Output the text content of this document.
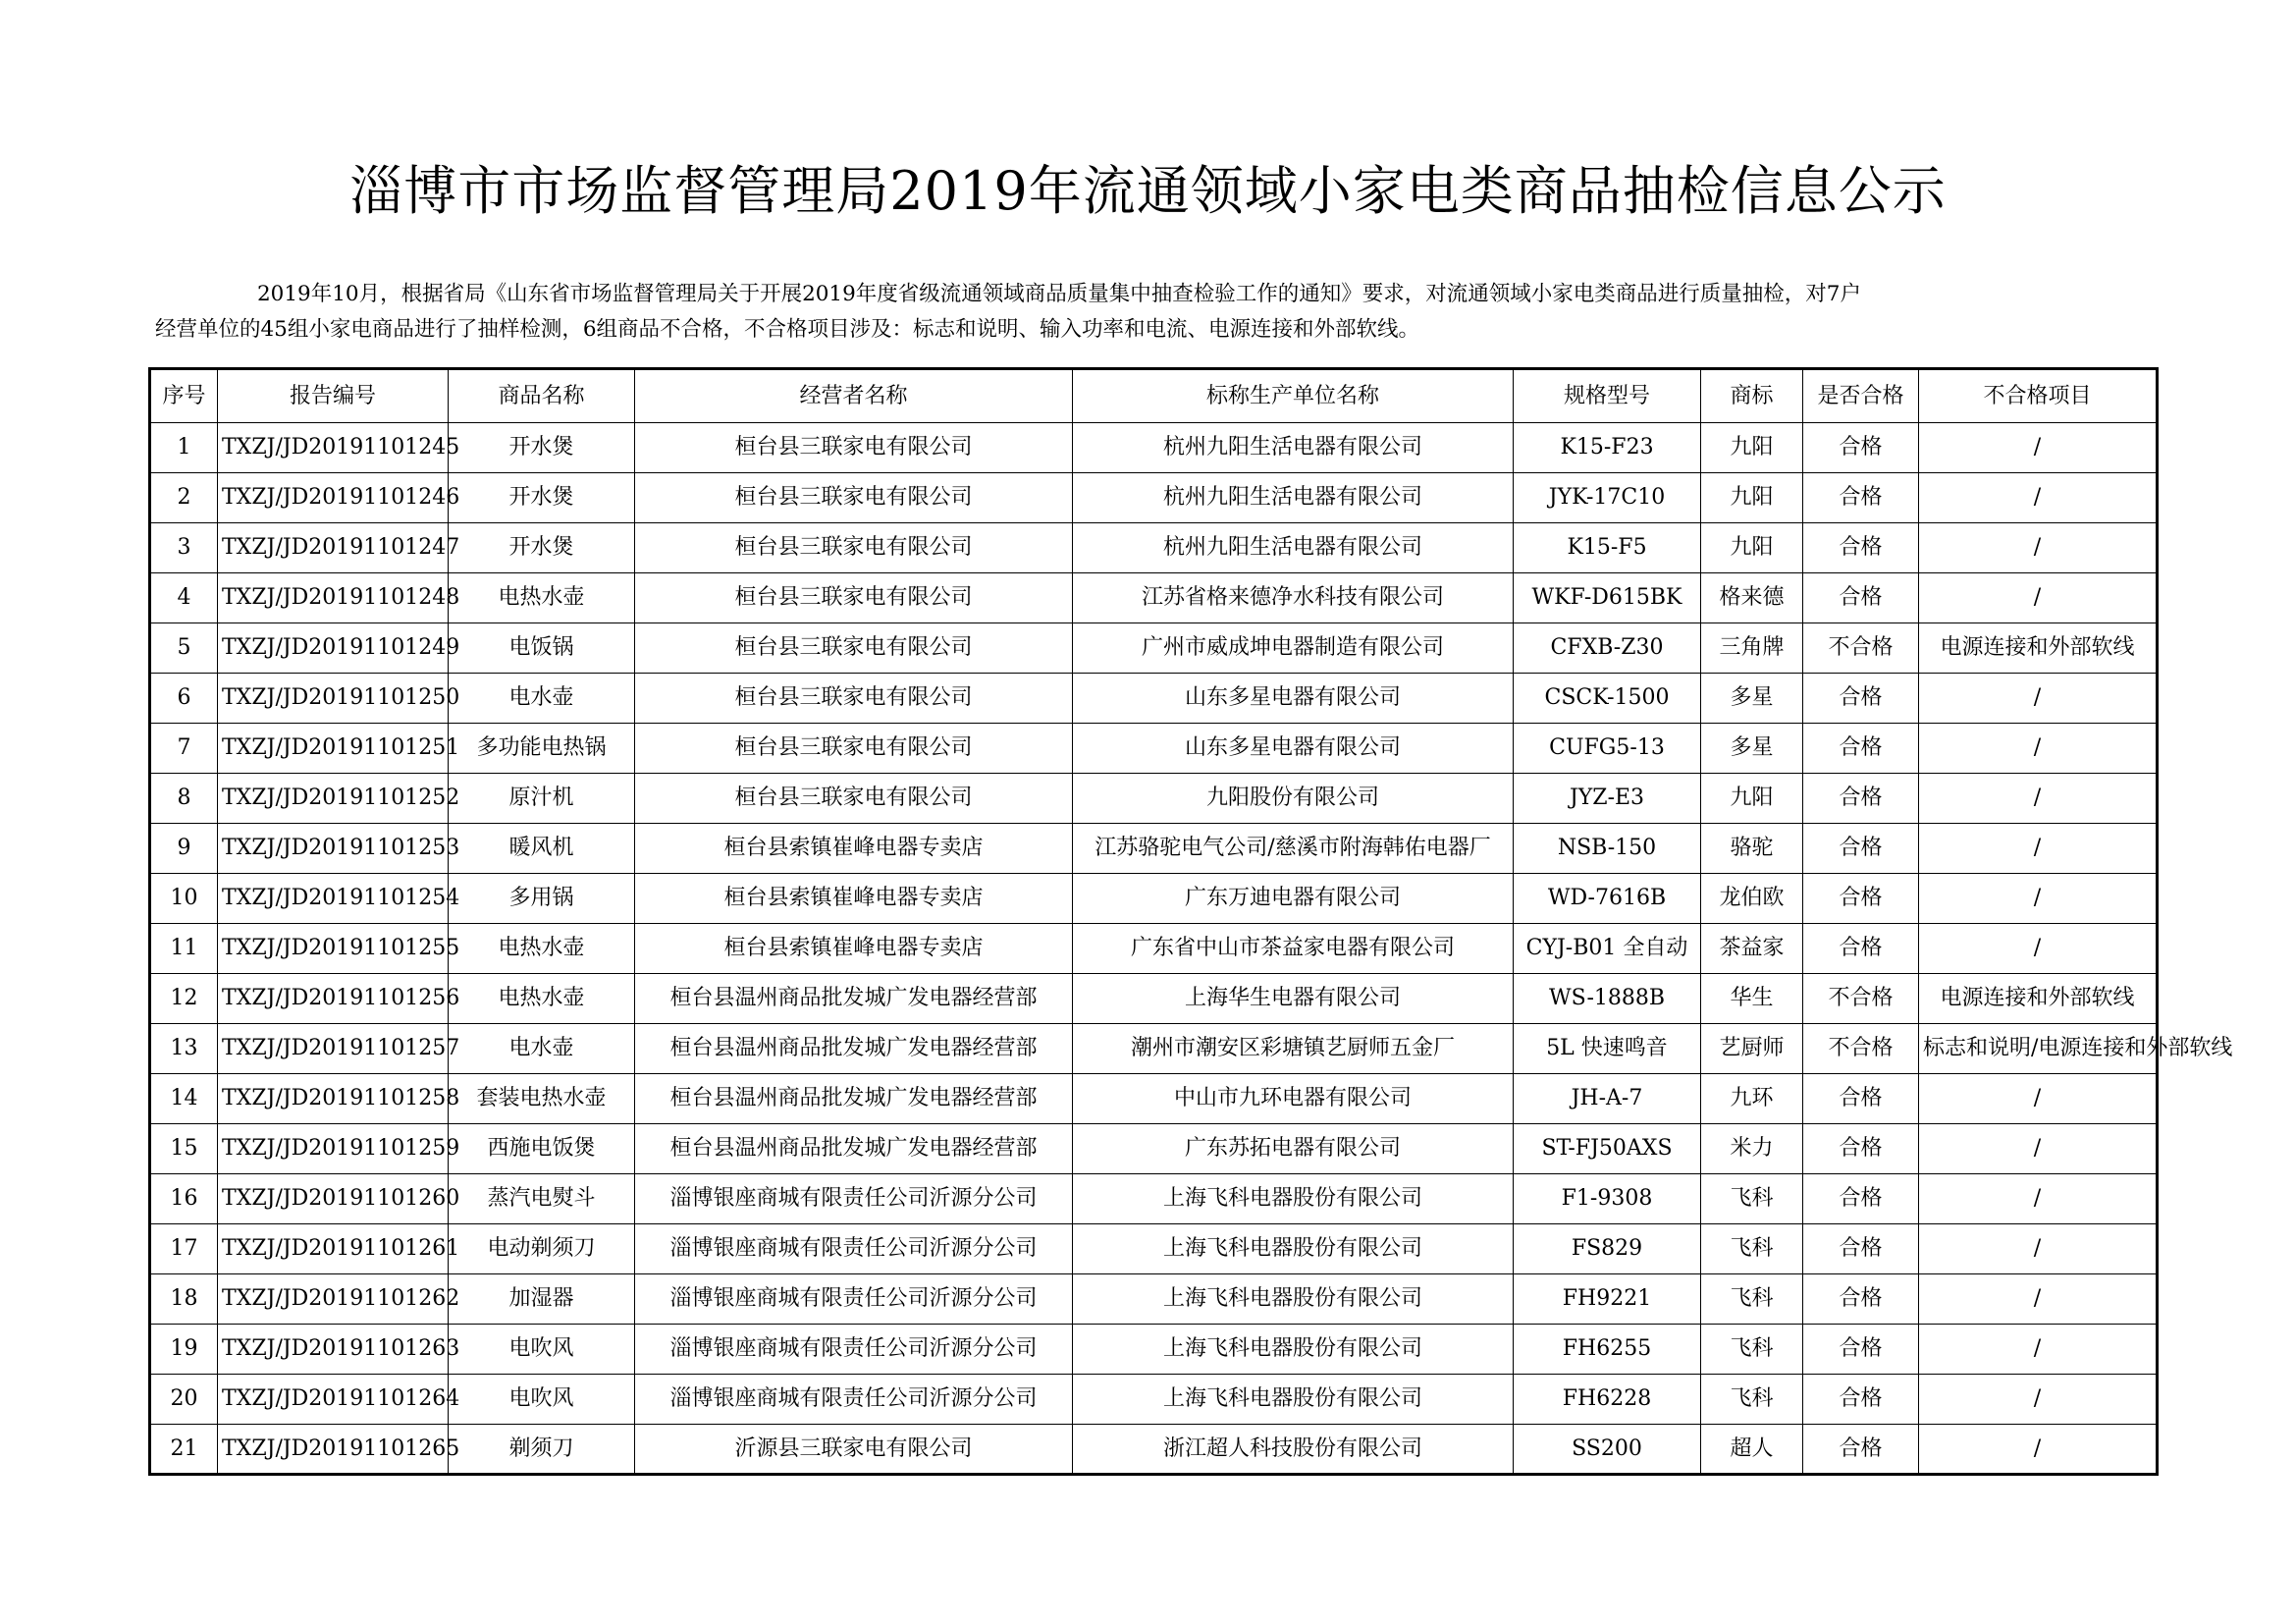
淄博市市场监督管理局2019年流通领域小家电类商品抽检信息公示

2019年10月，根据省局《山东省市场监督管理局关于开展2019年度省级流通领域商品质量集中抽查检验工作的通知》要求，对流通领域小家电类商品进行质量抽检，对7户

经营单位的45组小家电商品进行了抽样检测，6组商品不合格，不合格项目涉及：标志和说明、输入功率和电流、电源连接和外部软线。

序号	报告编号	商品名称	经营者名称	标称生产单位名称	规格型号	商标	是否合格	不合格项目
1	TXZJ/JD20191101245	开水煲	桓台县三联家电有限公司	杭州九阳生活电器有限公司	K15-F23	九阳	合格	/
2	TXZJ/JD20191101246	开水煲	桓台县三联家电有限公司	杭州九阳生活电器有限公司	JYK-17C10	九阳	合格	/
3	TXZJ/JD20191101247	开水煲	桓台县三联家电有限公司	杭州九阳生活电器有限公司	K15-F5	九阳	合格	/
4	TXZJ/JD20191101248	电热水壶	桓台县三联家电有限公司	江苏省格来德净水科技有限公司	WKF-D615BK	格来德	合格	/
5	TXZJ/JD20191101249	电饭锅	桓台县三联家电有限公司	广州市威成坤电器制造有限公司	CFXB-Z30	三角牌	不合格	电源连接和外部软线
6	TXZJ/JD20191101250	电水壶	桓台县三联家电有限公司	山东多星电器有限公司	CSCK-1500	多星	合格	/
7	TXZJ/JD20191101251	多功能电热锅	桓台县三联家电有限公司	山东多星电器有限公司	CUFG5-13	多星	合格	/
8	TXZJ/JD20191101252	原汁机	桓台县三联家电有限公司	九阳股份有限公司	JYZ-E3	九阳	合格	/
9	TXZJ/JD20191101253	暖风机	桓台县索镇崔峰电器专卖店	江苏骆驼电气公司/慈溪市附海韩佑电器厂	NSB-150	骆驼	合格	/
10	TXZJ/JD20191101254	多用锅	桓台县索镇崔峰电器专卖店	广东万迪电器有限公司	WD-7616B	龙伯欧	合格	/
11	TXZJ/JD20191101255	电热水壶	桓台县索镇崔峰电器专卖店	广东省中山市茶益家电器有限公司	CYJ-B01 全自动	茶益家	合格	/
12	TXZJ/JD20191101256	电热水壶	桓台县温州商品批发城广发电器经营部	上海华生电器有限公司	WS-1888B	华生	不合格	电源连接和外部软线
13	TXZJ/JD20191101257	电水壶	桓台县温州商品批发城广发电器经营部	潮州市潮安区彩塘镇艺厨师五金厂	5L 快速鸣音	艺厨师	不合格	标志和说明/电源连接和外部软线
14	TXZJ/JD20191101258	套装电热水壶	桓台县温州商品批发城广发电器经营部	中山市九环电器有限公司	JH-A-7	九环	合格	/
15	TXZJ/JD20191101259	西施电饭煲	桓台县温州商品批发城广发电器经营部	广东苏拓电器有限公司	ST-FJ50AXS	米力	合格	/
16	TXZJ/JD20191101260	蒸汽电熨斗	淄博银座商城有限责任公司沂源分公司	上海飞科电器股份有限公司	F1-9308	飞科	合格	/
17	TXZJ/JD20191101261	电动剃须刀	淄博银座商城有限责任公司沂源分公司	上海飞科电器股份有限公司	FS829	飞科	合格	/
18	TXZJ/JD20191101262	加湿器	淄博银座商城有限责任公司沂源分公司	上海飞科电器股份有限公司	FH9221	飞科	合格	/
19	TXZJ/JD20191101263	电吹风	淄博银座商城有限责任公司沂源分公司	上海飞科电器股份有限公司	FH6255	飞科	合格	/
20	TXZJ/JD20191101264	电吹风	淄博银座商城有限责任公司沂源分公司	上海飞科电器股份有限公司	FH6228	飞科	合格	/
21	TXZJ/JD20191101265	剃须刀	沂源县三联家电有限公司	浙江超人科技股份有限公司	SS200	超人	合格	/
